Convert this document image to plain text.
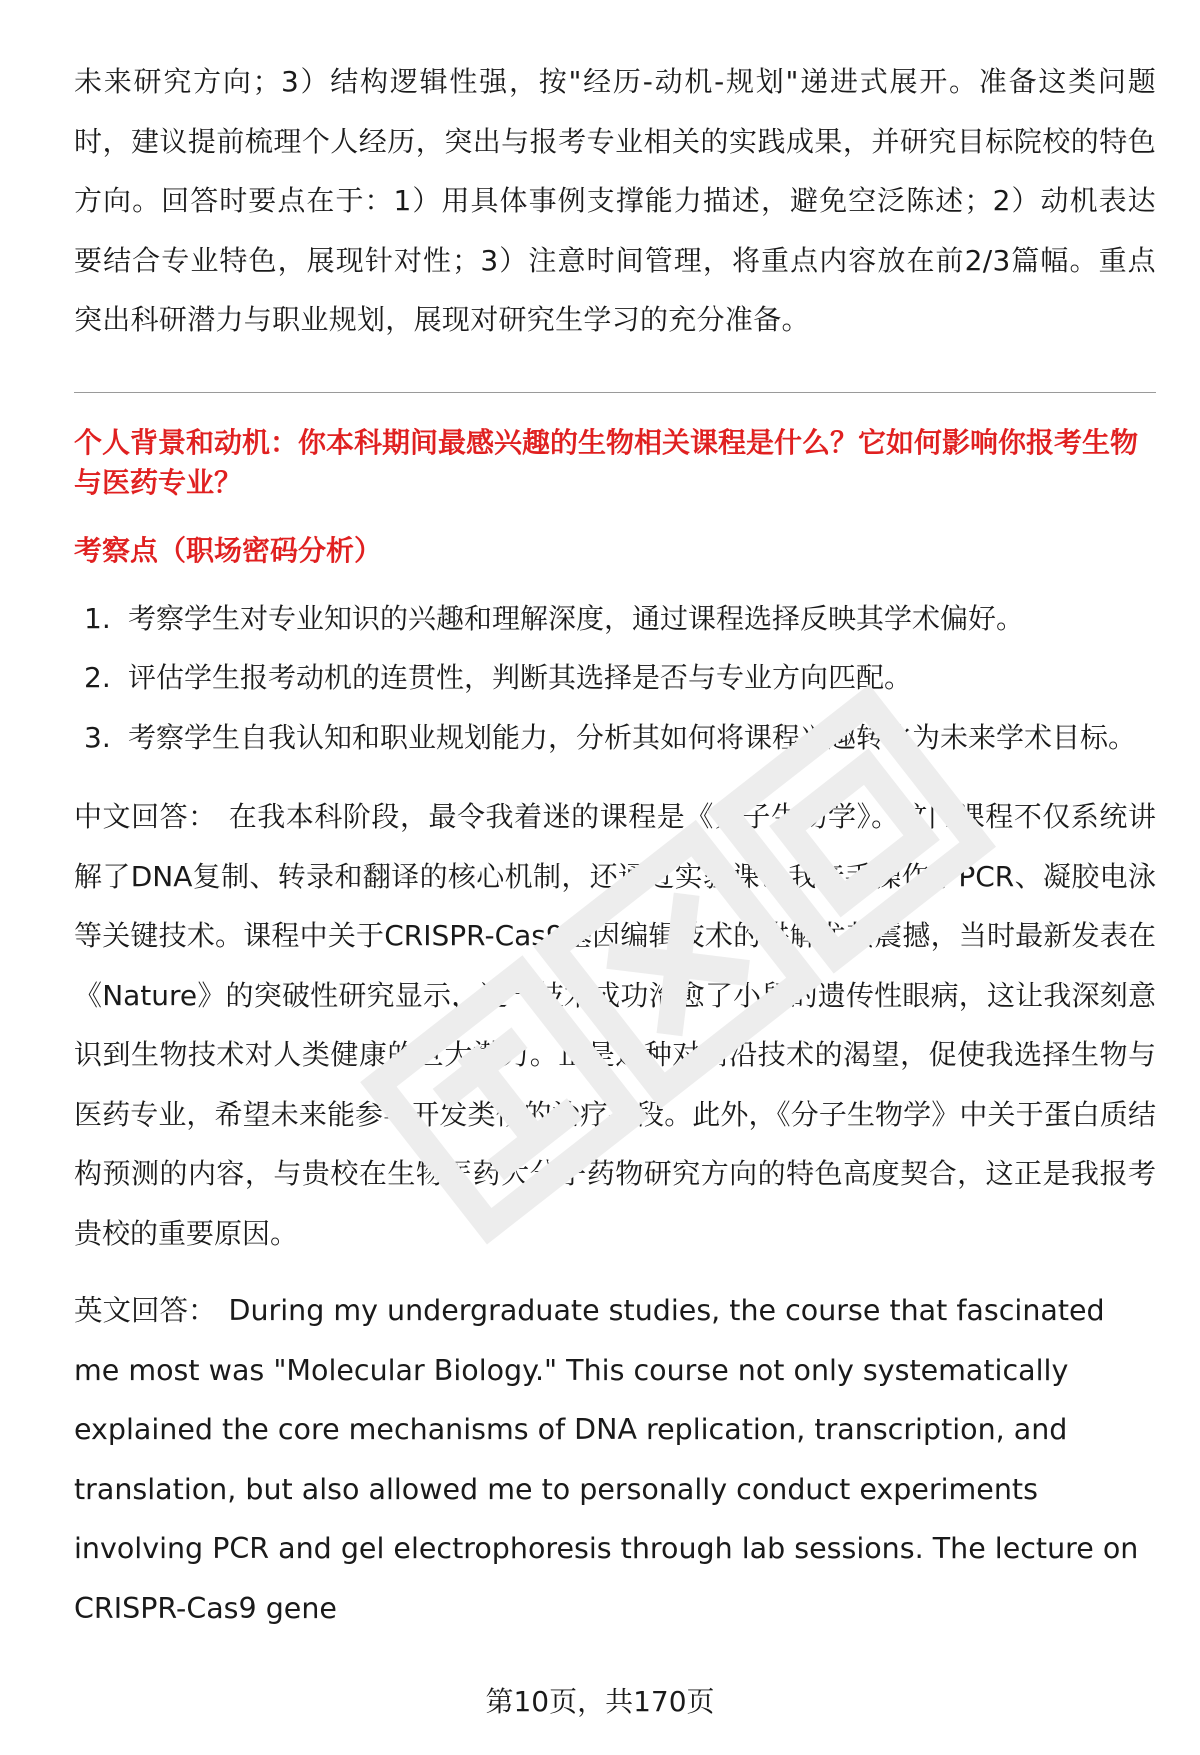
未来研究方向；3）结构逻辑性强，按"经历-动机-规划"递进式展开。准备这类问题时，建议提前梳理个人经历，突出与报考专业相关的实践成果，并研究目标院校的特色方向。回答时要点在于：1）用具体事例支撑能力描述，避免空泛陈述；2）动机表达要结合专业特色，展现针对性；3）注意时间管理，将重点内容放在前2/3篇幅。重点突出科研潜力与职业规划，展现对研究生学习的充分准备。

个人背景和动机：你本科期间最感兴趣的生物相关课程是什么？它如何影响你报考生物与医药专业？

考察点（职场密码分析）

1. 考察学生对专业知识的兴趣和理解深度，通过课程选择反映其学术偏好。
2. 评估学生报考动机的连贯性，判断其选择是否与专业方向匹配。
3. 考察学生自我认知和职业规划能力，分析其如何将课程兴趣转化为未来学术目标。

中文回答： 在我本科阶段，最令我着迷的课程是《分子生物学》。这门课程不仅系统讲解了DNA复制、转录和翻译的核心机制，还通过实验课让我亲手操作了PCR、凝胶电泳等关键技术。课程中关于CRISPR-Cas9基因编辑技术的讲解尤其震撼，当时最新发表在《Nature》的突破性研究显示，这一技术成功治愈了小鼠的遗传性眼病，这让我深刻意识到生物技术对人类健康的巨大潜力。正是这种对前沿技术的渴望，促使我选择生物与医药专业，希望未来能参与开发类似的治疗手段。此外，《分子生物学》中关于蛋白质结构预测的内容，与贵校在生物医药大分子药物研究方向的特色高度契合，这正是我报考贵校的重要原因。

英文回答： During my undergraduate studies, the course that fascinated me most was "Molecular Biology." This course not only systematically explained the core mechanisms of DNA replication, transcription, and translation, but also allowed me to personally conduct experiments involving PCR and gel electrophoresis through lab sessions. The lecture on CRISPR-Cas9 gene

第10页，共170页
